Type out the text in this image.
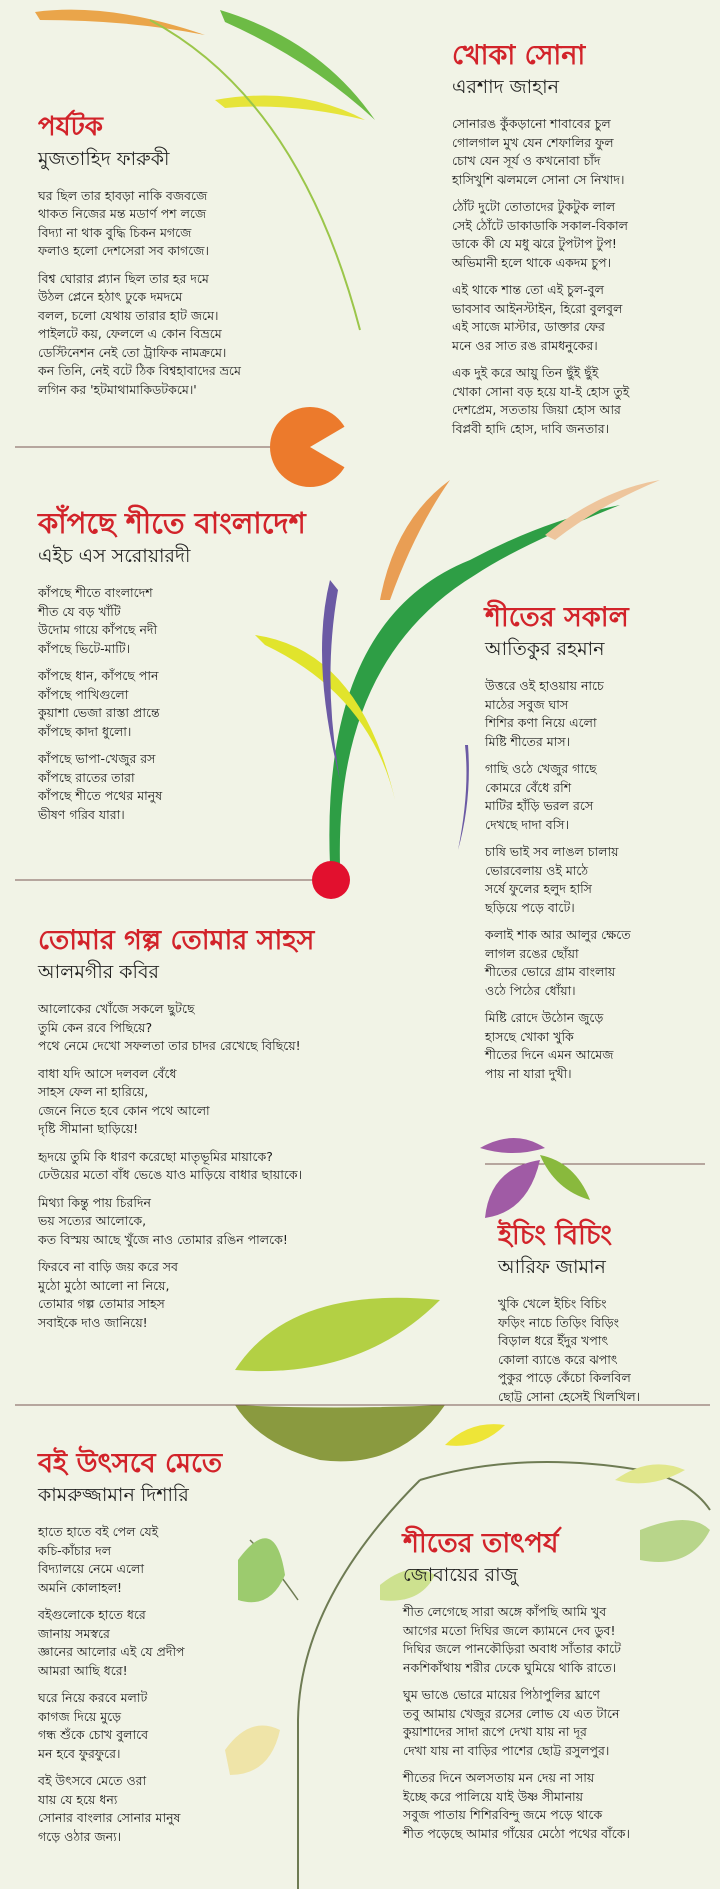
পর্যটক
মুজতাহিদ ফারুকী
ঘর ছিল তার হাবড়া নাকি বজবজে
থাকত নিজের মন্ত মডার্ণ পশ লজে
বিদ্যা না থাক বুদ্ধি চিকন মগজে
ফলাও হলো দেশসেরা সব কাগজে।
বিশ্ব ঘোরার প্ল্যান ছিল তার হর দমে
উঠল প্লেনে হঠাৎ ঢুকে দমদমে
বলল, চলো যেথায় তারার হাট জমে।
পাইলটে কয়, ফেললে এ কোন বিভ্রমে
ডেস্টিনেশন নেই তো ট্রাফিক নামক্রমে।
কন তিনি, নেই বটে ঠিক বিশ্বহাবাদের ভ্রমে
লগিন কর 'হটমাথামাকিডটকমে।'
খোকা সোনা
এরশাদ জাহান
সোনারঙ কুঁকড়ানো শাবাবের চুল
গোলগাল মুখ যেন শেফালির ফুল
চোখ যেন সূর্য ও কখনোবা চাঁদ
হাসিখুশি ঝলমলে সোনা সে নিখাদ।
ঠোঁট দুটো তোতাদের টুকটুক লাল
সেই ঠোঁটে ডাকাডাকি সকাল-বিকাল
ডাকে কী যে মধু ঝরে টুপটাপ টুপ!
অভিমানী হলে থাকে একদম চুপ।
এই থাকে শান্ত তো এই চুল-বুল
ভাবসাব আইনস্টাইন, হিরো বুলবুল
এই সাজে মাস্টার, ডাক্তার ফের
মনে ওর সাত রঙ রামধনুকের।
এক দুই করে আয়ু তিন ছুঁই ছুঁই
খোকা সোনা বড় হয়ে যা-ই হোস তুই
দেশপ্রেম, সততায় জিয়া হোস আর
বিপ্লবী হাদি হোস, দাবি জনতার।
কাঁপছে শীতে বাংলাদেশ
এইচ এস সরোয়ারদী
কাঁপছে শীতে বাংলাদেশ
শীত যে বড় খাঁটি
উদোম গায়ে কাঁপছে নদী
কাঁপছে ভিটে-মাটি।
কাঁপছে ধান, কাঁপছে পান
কাঁপছে পাখিগুলো
কুয়াশা ভেজা রাস্তা প্রান্তে
কাঁপছে কাদা ধুলো।
কাঁপছে ভাপা-খেজুর রস
কাঁপছে রাতের তারা
কাঁপছে শীতে পথের মানুষ
ভীষণ গরিব যারা।
শীতের সকাল
আতিকুর রহমান
উত্তরে ওই হাওয়ায় নাচে
মাঠের সবুজ ঘাস
শিশির কণা নিয়ে এলো
মিষ্টি শীতের মাস।
গাছি ওঠে খেজুর গাছে
কোমরে বেঁধে রশি
মাটির হাঁড়ি ভরল রসে
দেখছে দাদা বসি।
চাষি ভাই সব লাঙল চালায়
ভোরবেলায় ওই মাঠে
সর্ষে ফুলের হলুদ হাসি
ছড়িয়ে পড়ে বাটে।
কলাই শাক আর আলুর ক্ষেতে
লাগল রঙের ছোঁয়া
শীতের ভোরে গ্রাম বাংলায়
ওঠে পিঠের ধোঁয়া।
মিষ্টি রোদে উঠোন জুড়ে
হাসছে খোকা খুকি
শীতের দিনে এমন আমেজ
পায় না যারা দুখী।
তোমার গল্প তোমার সাহস
আলমগীর কবির
আলোকের খোঁজে সকলে ছুটছে
তুমি কেন রবে পিছিয়ে?
পথে নেমে দেখো সফলতা তার চাদর রেখেছে বিছিয়ে!
বাধা যদি আসে দলবল বেঁধে
সাহস ফেল না হারিয়ে,
জেনে নিতে হবে কোন পথে আলো
দৃষ্টি সীমানা ছাড়িয়ে!
হৃদয়ে তুমি কি ধারণ করেছো মাতৃভূমির মায়াকে?
ঢেউয়ের মতো বাঁধ ভেঙে যাও মাড়িয়ে বাধার ছায়াকে।
মিথ্যা কিন্তু পায় চিরদিন
ভয় সত্যের আলোকে,
কত বিস্ময় আছে খুঁজে নাও তোমার রঙিন পালকে!
ফিরবে না বাড়ি জয় করে সব
মুঠো মুঠো আলো না নিয়ে,
তোমার গল্প তোমার সাহস
সবাইকে দাও জানিয়ে!
ইচিং বিচিং
আরিফ জামান
খুকি খেলে ইচিং বিচিং
ফড়িং নাচে তিড়িং বিড়িং
বিড়াল ধরে ইঁদুর খপাৎ
কোলা ব্যাঙে করে ঝপাৎ
পুকুর পাড়ে কেঁচো কিলবিল
ছোট্ট সোনা হেসেই খিলখিল।
বই উৎসবে মেতে
কামরুজ্জামান দিশারি
হাতে হাতে বই পেল যেই
কচি-কাঁচার দল
বিদ্যালয়ে নেমে এলো
অমনি কোলাহল!
বইগুলোকে হাতে ধরে
জানায় সমস্বরে
জ্ঞানের আলোর এই যে প্রদীপ
আমরা আছি ধরে!
ঘরে নিয়ে করবে মলাট
কাগজ দিয়ে মুড়ে
গন্ধ শুঁকে চোখ বুলাবে
মন হবে ফুরফুরে।
বই উৎসবে মেতে ওরা
যায় যে হয়ে ধন্য
সোনার বাংলার সোনার মানুষ
গড়ে ওঠার জন্য।
শীতের তাৎপর্য
জোবায়ের রাজু
শীত লেগেছে সারা অঙ্গে কাঁপছি আমি খুব
আগের মতো দিঘির জলে ক্যামনে দেব ডুব!
দিঘির জলে পানকৌড়িরা অবাধ সাঁতার কাটে
নকশিকাঁথায় শরীর ঢেকে ঘুমিয়ে থাকি রাতে।
ঘুম ভাঙে ভোরে মায়ের পিঠাপুলির ঘ্রাণে
তবু আমায় খেজুর রসের লোভ যে এত টানে
কুয়াশাদের সাদা রূপে দেখা যায় না দূর
দেখা যায় না বাড়ির পাশের ছোট্ট রসুলপুর।
শীতের দিনে অলসতায় মন দেয় না সায়
ইচ্ছে করে পালিয়ে যাই উষ্ণ সীমানায়
সবুজ পাতায় শিশিরবিন্দু জমে পড়ে থাকে
শীত পড়েছে আমার গাঁয়ের মেঠো পথের বাঁকে।
